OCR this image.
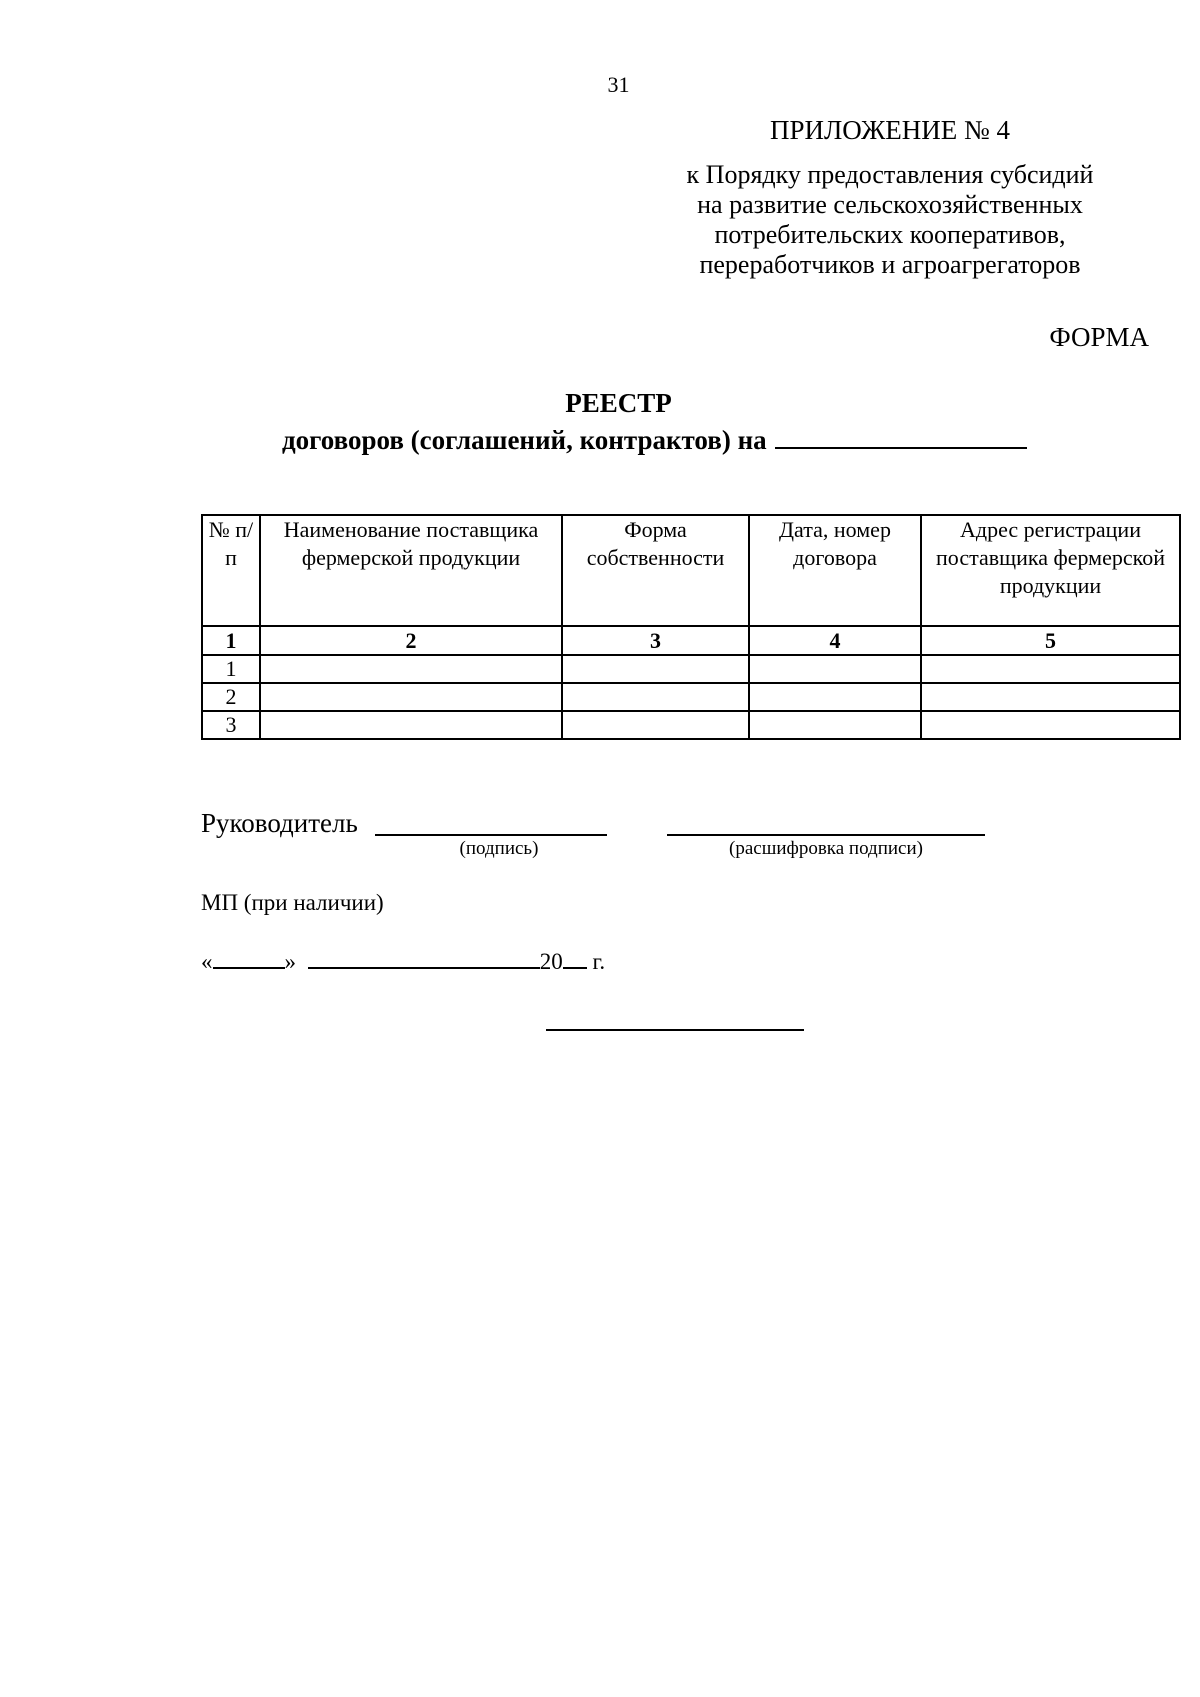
31
ПРИЛОЖЕНИЕ № 4
к Порядку предоставления субсидий
на развитие сельскохозяйственных
потребительских кооперативов,
переработчиков и агроагрегаторов
ФОРМА
РЕЕСТР
договоров (соглашений, контрактов) на
№ п/п	Наименование поставщика фермерской продукции	Форма собственности	Дата, номер договора	Адрес регистрации поставщика фермерской продукции
1	2	3	4	5
1				
2				
3				
Руководитель
(подпись)	(расшифровка подписи)
МП (при наличии)
«	»	20 г.
